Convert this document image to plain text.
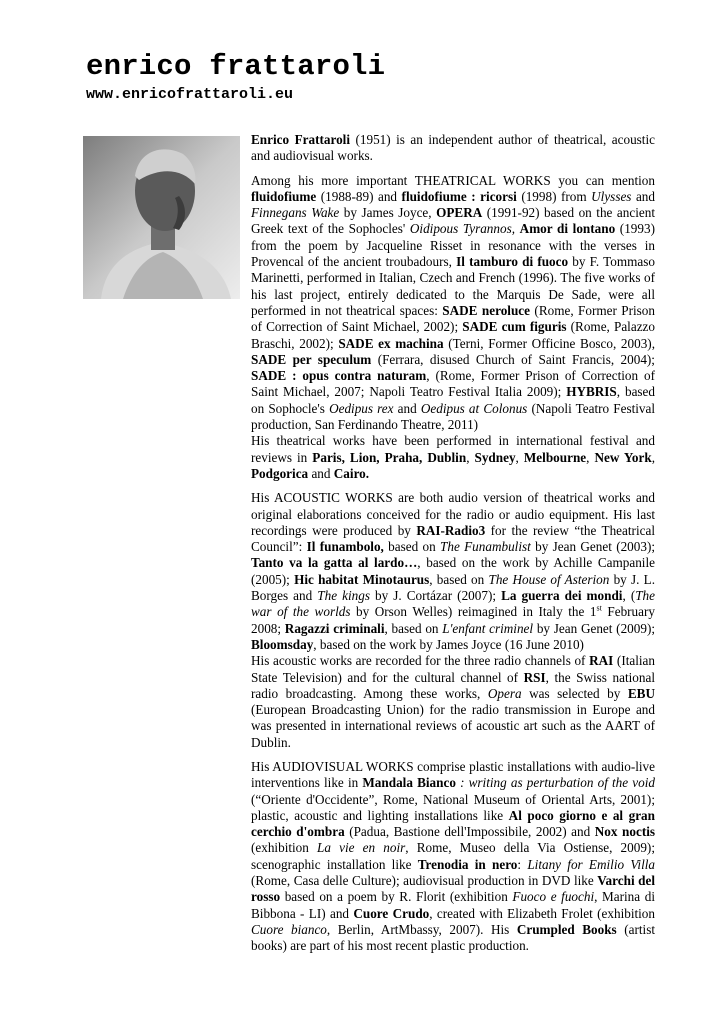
enrico frattaroli
www.enricofrattaroli.eu

Enrico Frattaroli (1951) is an independent author of theatrical, acoustic and audiovisual works.

Among his more important THEATRICAL WORKS you can mention fluidofiume (1988-89) and fluidofiume : ricorsi (1998) from Ulysses and Finnegans Wake by James Joyce, OPERA (1991-92) based on the ancient Greek text of the Sophocles' Oidipous Tyrannos, Amor di lontano (1993) from the poem by Jacqueline Risset in resonance with the verses in Provencal of the ancient troubadours, Il tamburo di fuoco by F. Tommaso Marinetti, performed in Italian, Czech and French (1996). The five works of his last project, entirely dedicated to the Marquis De Sade, were all performed in not theatrical spaces: SADE neroluce (Rome, Former Prison of Correction of Saint Michael, 2002); SADE cum figuris (Rome, Palazzo Braschi, 2002); SADE ex machina (Terni, Former Officine Bosco, 2003), SADE per speculum (Ferrara, disused Church of Saint Francis, 2004); SADE : opus contra naturam, (Rome, Former Prison of Correction of Saint Michael, 2007; Napoli Teatro Festival Italia 2009); HYBRIS, based on Sophocle's Oedipus rex and Oedipus at Colonus (Napoli Teatro Festival production, San Ferdinando Theatre, 2011)

His theatrical works have been performed in international festival and reviews in Paris, Lion, Praha, Dublin, Sydney, Melbourne, New York, Podgorica and Cairo.

His ACOUSTIC WORKS are both audio version of theatrical works and original elaborations conceived for the radio or audio equipment. His last recordings were produced by RAI-Radio3 for the review “the Theatrical Council”: Il funambolo, based on The Funambulist by Jean Genet (2003); Tanto va la gatta al lardo…, based on the work by Achille Campanile (2005); Hic habitat Minotaurus, based on The House of Asterion by J. L. Borges and The kings by J. Cortázar (2007); La guerra dei mondi, (The war of the worlds by Orson Welles) reimagined in Italy the 1st February 2008; Ragazzi criminali, based on L'enfant criminel by Jean Genet (2009); Bloomsday, based on the work by James Joyce (16 June 2010)

His acoustic works are recorded for the three radio channels of RAI (Italian State Television) and for the cultural channel of RSI, the Swiss national radio broadcasting. Among these works, Opera was selected by EBU (European Broadcasting Union) for the radio transmission in Europe and was presented in international reviews of acoustic art such as the AART of Dublin.

His AUDIOVISUAL WORKS comprise plastic installations with audio-live interventions like in Mandala Bianco : writing as perturbation of the void (“Oriente d'Occidente”, Rome, National Museum of Oriental Arts, 2001); plastic, acoustic and lighting installations like Al poco giorno e al gran cerchio d'ombra (Padua, Bastione dell'Impossibile, 2002) and Nox noctis (exhibition La vie en noir, Rome, Museo della Via Ostiense, 2009); scenographic installation like Trenodia in nero: Litany for Emilio Villa (Rome, Casa delle Culture); audiovisual production in DVD like Varchi del rosso based on a poem by R. Florit (exhibition Fuoco e fuochi, Marina di Bibbona - LI) and Cuore Crudo, created with Elizabeth Frolet (exhibition Cuore bianco, Berlin, ArtMbassy, 2007). His Crumpled Books (artist books) are part of his most recent plastic production.
